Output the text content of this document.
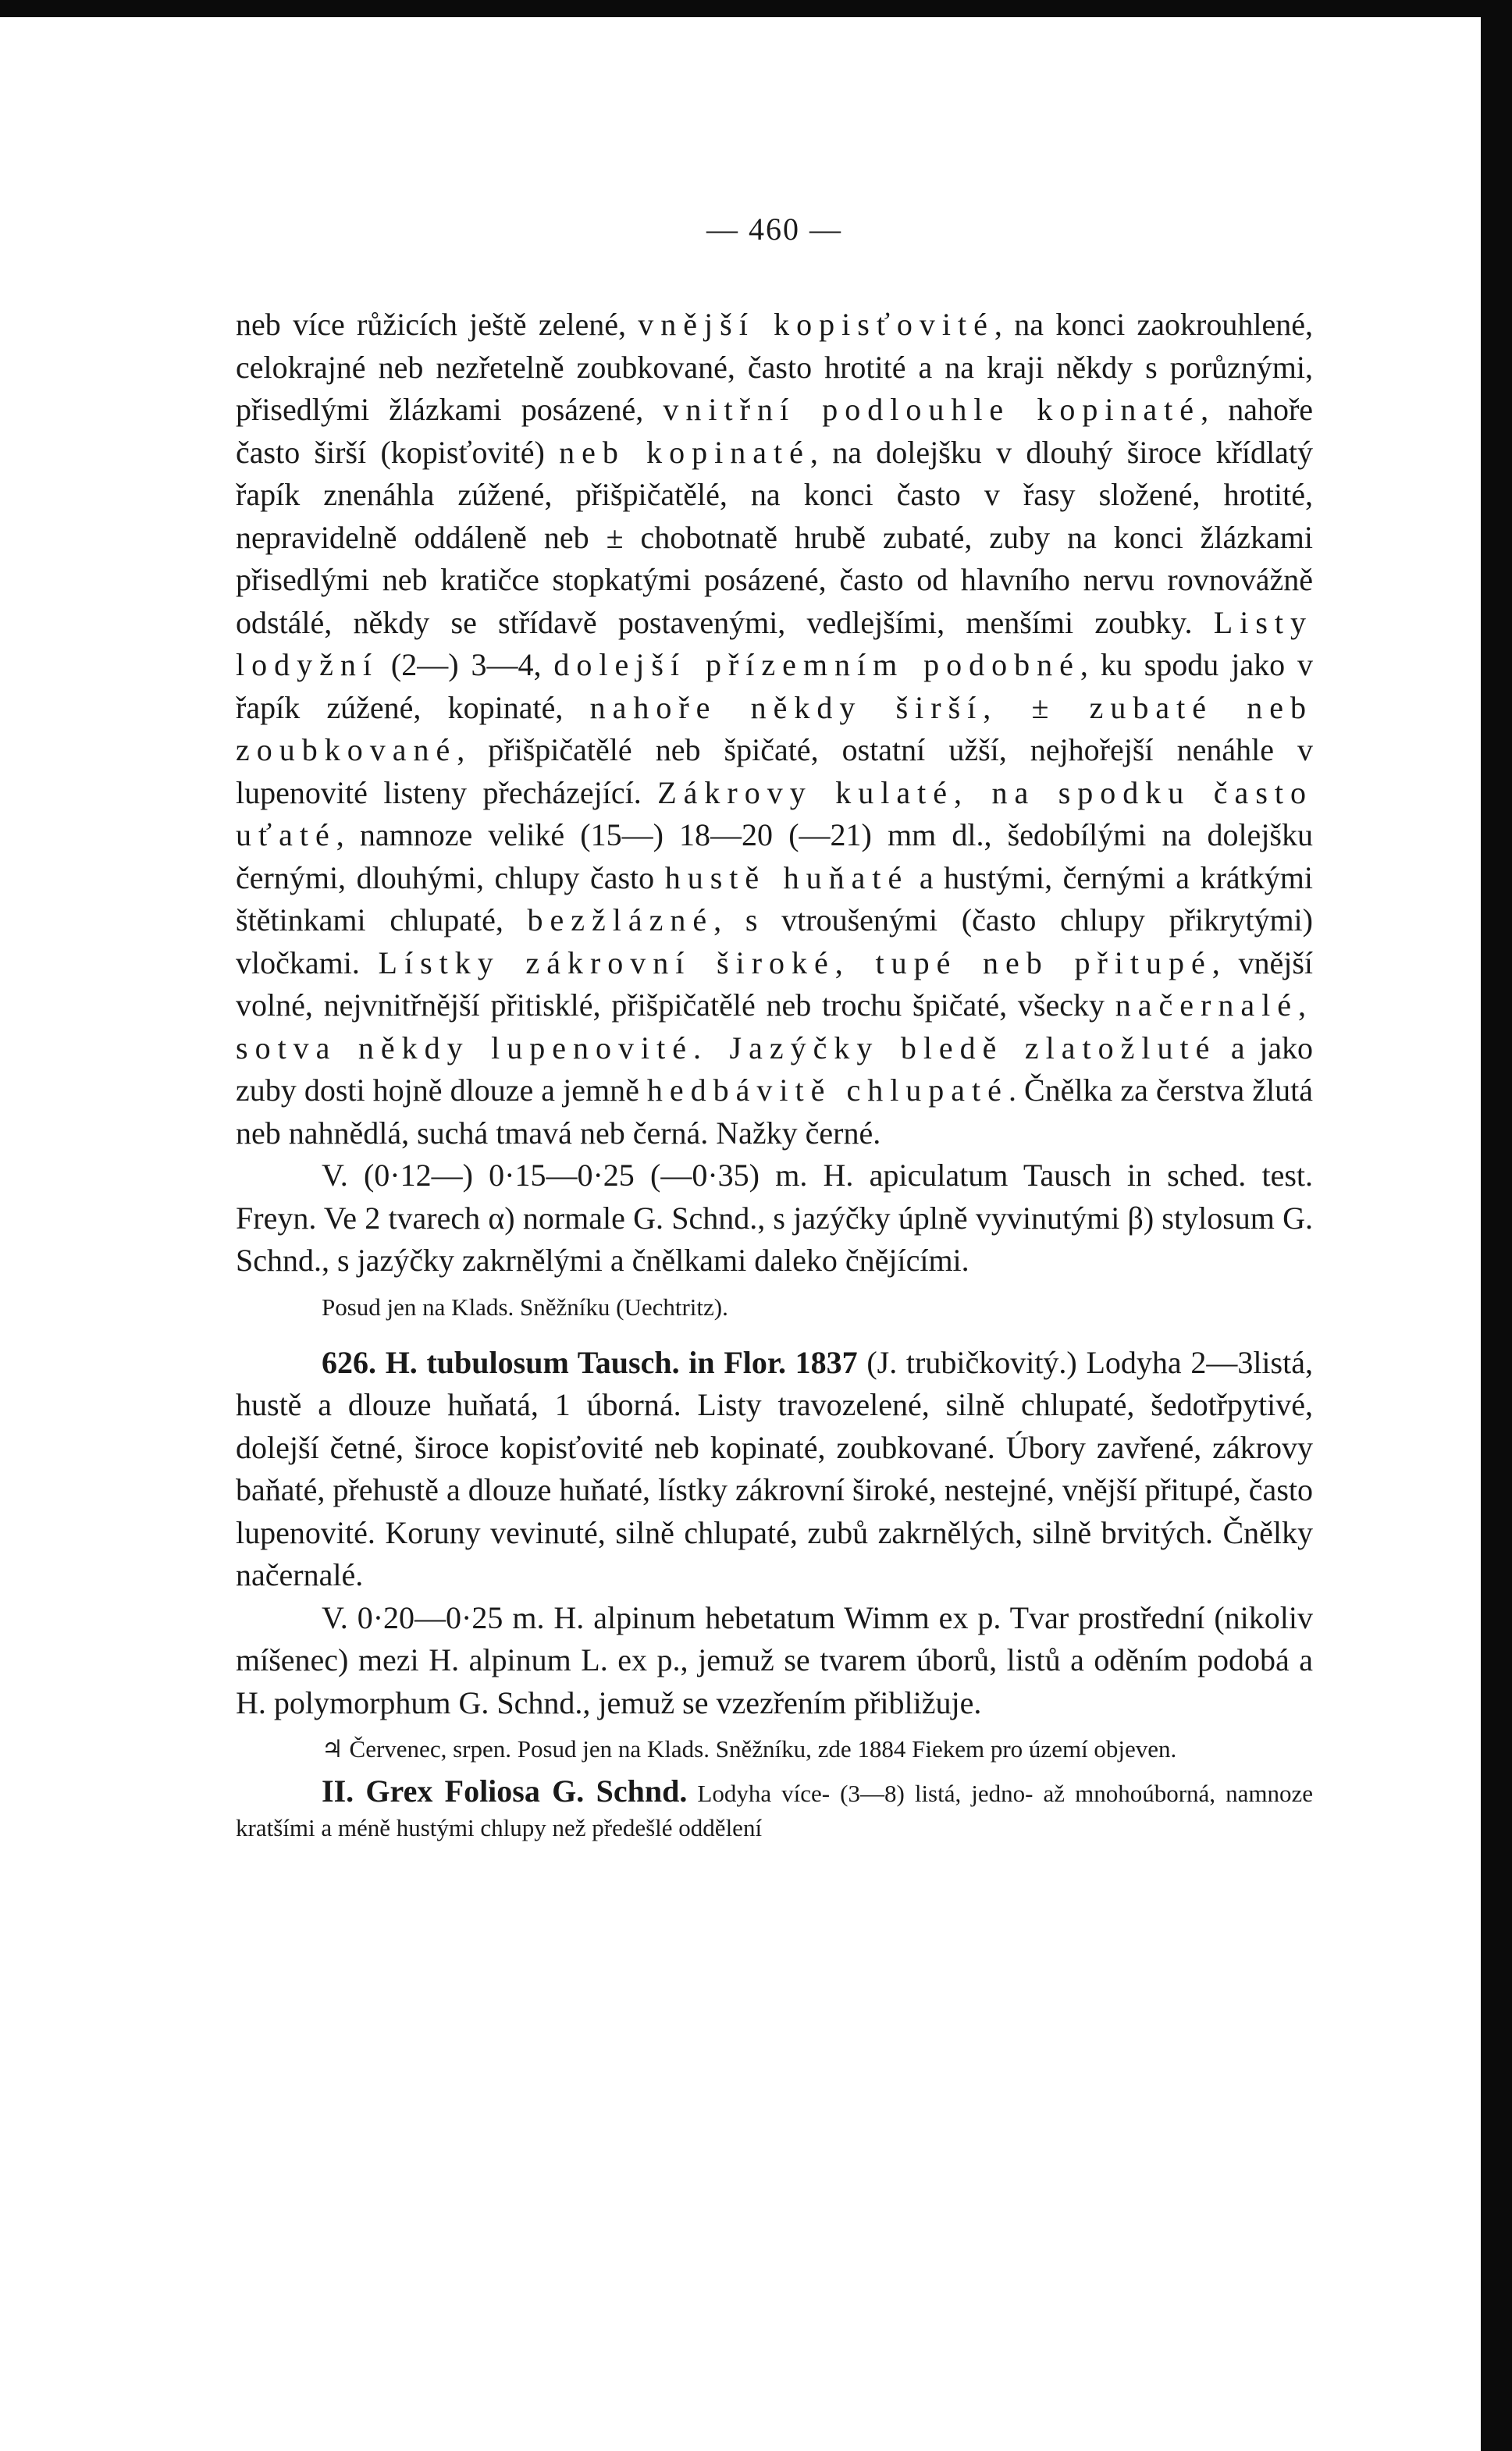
— 460 —

neb více růžicích ještě zelené, vnější kopisťovité, na konci zaokrouhlené, celokrajné neb nezřetelně zoubkované, často hrotité a na kraji někdy s porůznými, přisedlými žlázkami posázené, vnitřní podlouhle kopinaté, nahoře často širší (kopisťovité) neb kopinaté, na dolejšku v dlouhý široce křídlatý řapík znenáhla zúžené, přišpičatělé, na konci často v řasy složené, hrotité, nepravidelně oddáleně neb ± chobotnatě hrubě zubaté, zuby na konci žlázkami přisedlými neb kratičce stopkatými posázené, často od hlavního nervu rovnovážně odstálé, někdy se střídavě postavenými, vedlejšími, menšími zoubky. Listy lodyžní (2—) 3—4, dolejší přízemním podobné, ku spodu jako v řapík zúžené, kopinaté, nahoře někdy širší, ± zubaté neb zoubkované, přišpičatělé neb špičaté, ostatní užší, nejhořejší nenáhle v lupenovité listeny přecházející. Zákrovy kulaté, na spodku často uťaté, namnoze veliké (15—) 18—20 (—21) mm dl., šedobílými na dolejšku černými, dlouhými, chlupy často hustě huňaté a hustými, černými a krátkými štětinkami chlupaté, bezžlázné, s vtroušenými (často chlupy přikrytými) vločkami. Lístky zákrovní široké, tupé neb přitupé, vnější volné, nejvnitřnější přitisklé, přišpičatělé neb trochu špičaté, všecky načernalé, sotva někdy lupenovité. Jazýčky bledě zlatožluté a jako zuby dosti hojně dlouze a jemně hedbávitě chlupaté. Čnělka za čerstva žlutá neb nahnědlá, suchá tmavá neb černá. Nažky černé.

V. (0·12—) 0·15—0·25 (—0·35) m. H. apiculatum Tausch in sched. test. Freyn. Ve 2 tvarech α) normale G. Schnd., s jazýčky úplně vyvinutými β) stylosum G. Schnd., s jazýčky zakrnělými a čnělkami daleko čnějícími.

Posud jen na Klads. Sněžníku (Uechtritz).

626. H. tubulosum Tausch. in Flor. 1837 (J. trubičkovitý.) Lodyha 2—3listá, hustě a dlouze huňatá, 1 úborná. Listy travozelené, silně chlupaté, šedotřpytivé, dolejší četné, široce kopisťovité neb kopinaté, zoubkované. Úbory zavřené, zákrovy baňaté, přehustě a dlouze huňaté, lístky zákrovní široké, nestejné, vnější přitupé, často lupenovité. Koruny vevinuté, silně chlupaté, zubů zakrnělých, silně brvitých. Čnělky načernalé.

V. 0·20—0·25 m. H. alpinum hebetatum Wimm ex p. Tvar prostřední (nikoliv míšenec) mezi H. alpinum L. ex p., jemuž se tvarem úborů, listů a oděním podobá a H. polymorphum G. Schnd., jemuž se vzezřením přibližuje.

♃ Červenec, srpen. Posud jen na Klads. Sněžníku, zde 1884 Fiekem pro území objeven.

II. Grex Foliosa G. Schnd. Lodyha více- (3—8) listá, jedno- až mnohoúborná, namnoze kratšími a méně hustými chlupy než předešlé oddělení
